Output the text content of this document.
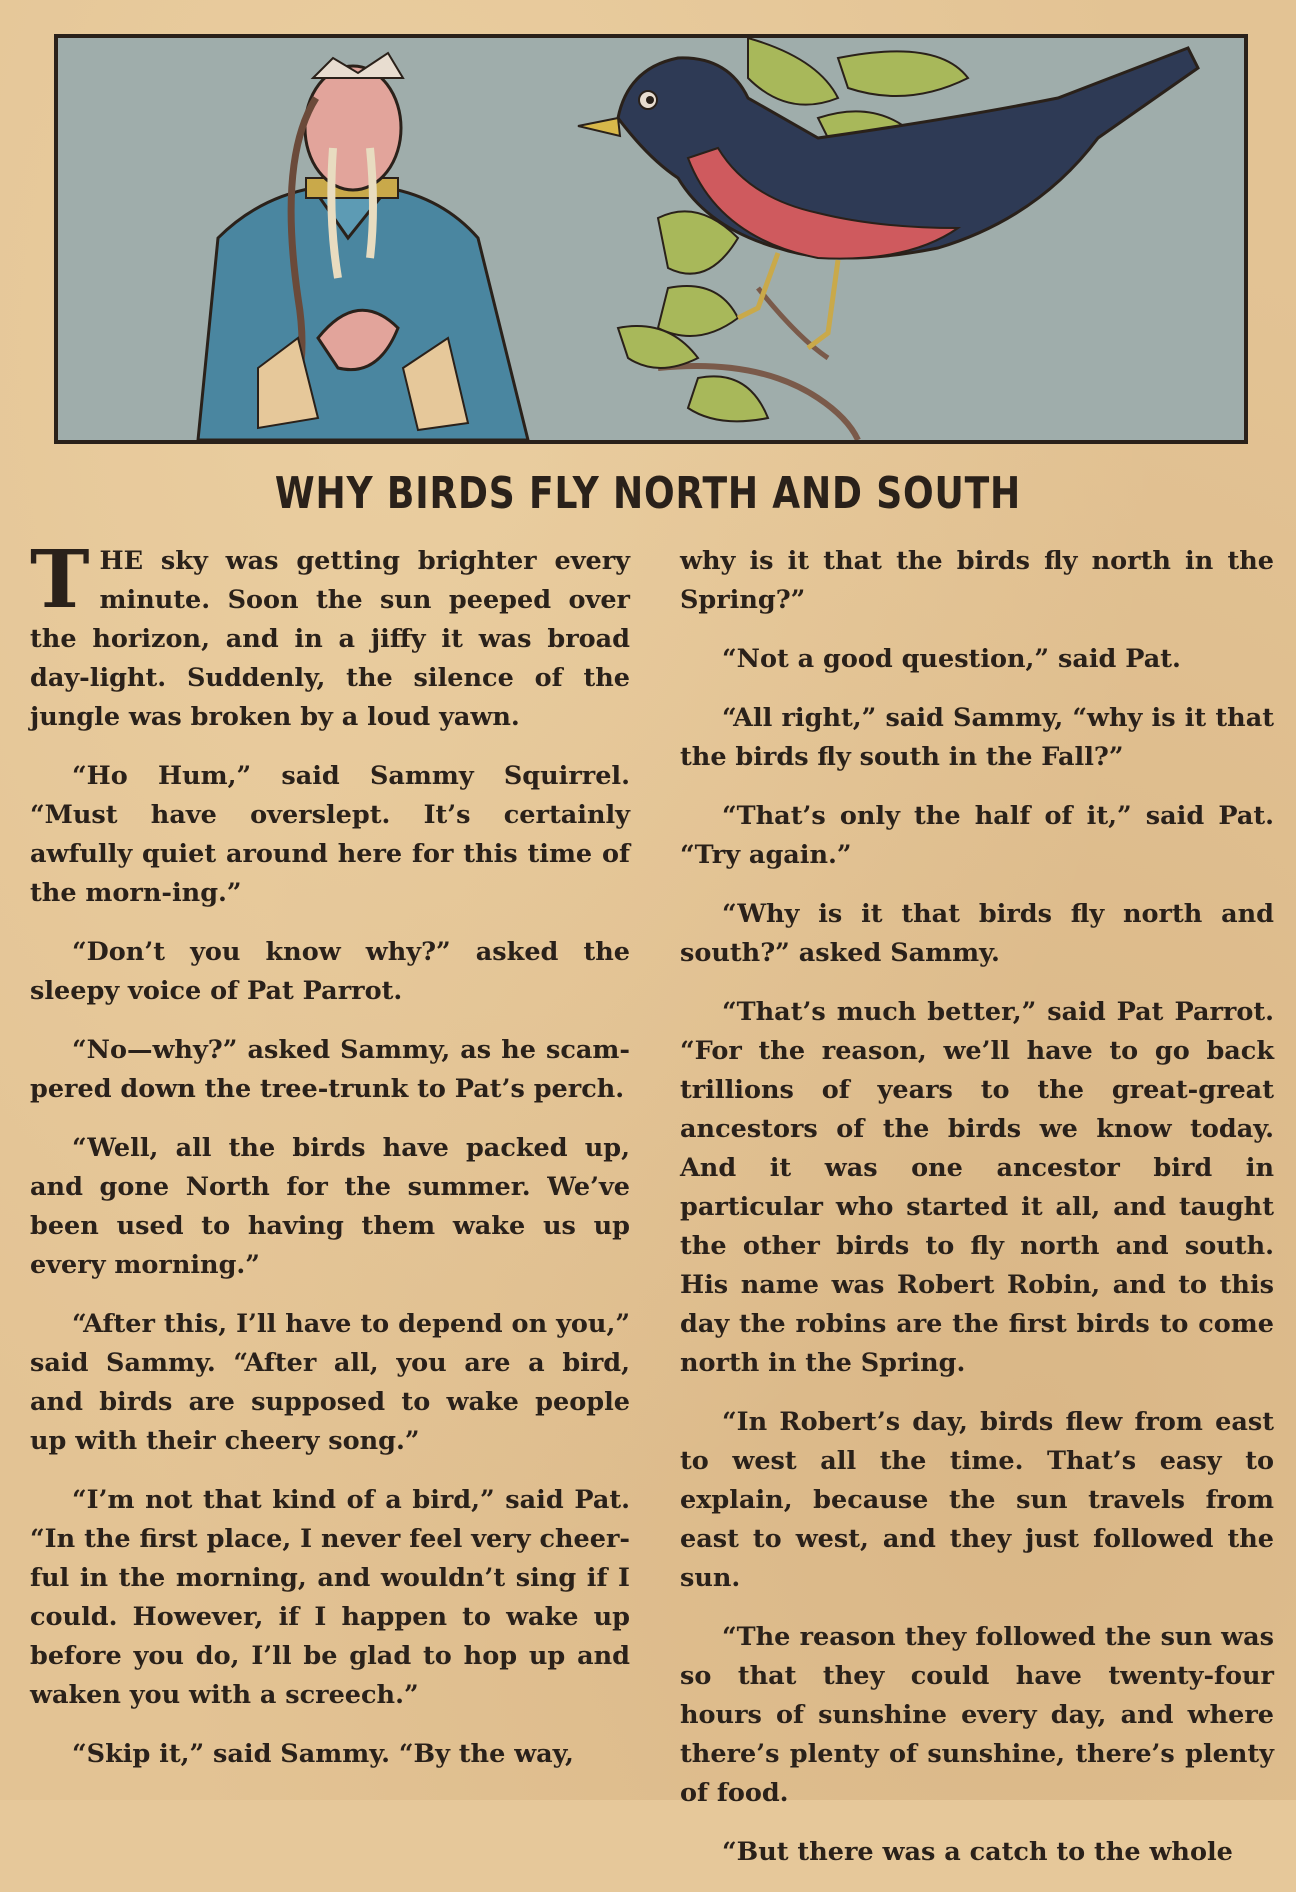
WHY BIRDS FLY NORTH AND SOUTH

THE sky was getting brighter every minute. Soon the sun peeped over the horizon, and in a jiffy it was broad day-light. Suddenly, the silence of the jungle was broken by a loud yawn.

“Ho Hum,” said Sammy Squirrel. “Must have overslept. It’s certainly awfully quiet around here for this time of the morn-ing.”

“Don’t you know why?” asked the sleepy voice of Pat Parrot.

“No—why?” asked Sammy, as he scam-pered down the tree-trunk to Pat’s perch.

“Well, all the birds have packed up, and gone North for the summer. We’ve been used to having them wake us up every morning.”

“After this, I’ll have to depend on you,” said Sammy. “After all, you are a bird, and birds are supposed to wake people up with their cheery song.”

“I’m not that kind of a bird,” said Pat. “In the first place, I never feel very cheer-ful in the morning, and wouldn’t sing if I could. However, if I happen to wake up before you do, I’ll be glad to hop up and waken you with a screech.”

“Skip it,” said Sammy. “By the way,

why is it that the birds fly north in the Spring?”

“Not a good question,” said Pat.

“All right,” said Sammy, “why is it that the birds fly south in the Fall?”

“That’s only the half of it,” said Pat. “Try again.”

“Why is it that birds fly north and south?” asked Sammy.

“That’s much better,” said Pat Parrot. “For the reason, we’ll have to go back trillions of years to the great-great ancestors of the birds we know today. And it was one ancestor bird in particular who started it all, and taught the other birds to fly north and south. His name was Robert Robin, and to this day the robins are the first birds to come north in the Spring.

“In Robert’s day, birds flew from east to west all the time. That’s easy to explain, because the sun travels from east to west, and they just followed the sun.

“The reason they followed the sun was so that they could have twenty-four hours of sunshine every day, and where there’s plenty of sunshine, there’s plenty of food.

“But there was a catch to the whole
